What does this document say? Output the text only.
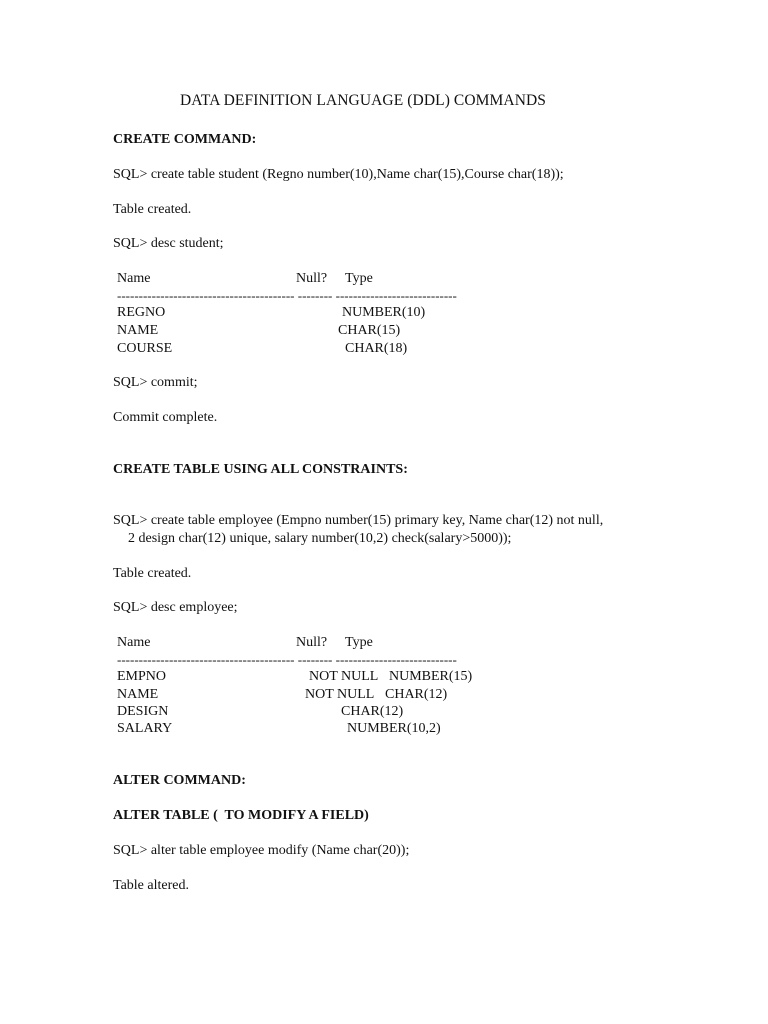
DATA DEFINITION LANGUAGE (DDL) COMMANDS
CREATE COMMAND:
SQL> create table student (Regno number(10),Name char(15),Course char(18));
Table created.
SQL> desc student;
Name	Null? Type
----------------------------------------- -------- ----------------------------
REGNO	NUMBER(10)
NAME	CHAR(15)
COURSE	CHAR(18)
SQL> commit;
Commit complete.
CREATE TABLE USING ALL CONSTRAINTS:
SQL> create table employee (Empno number(15) primary key, Name char(12) not null,
2 design char(12) unique, salary number(10,2) check(salary>5000));
Table created.
SQL> desc employee;
Name	Null? Type
----------------------------------------- -------- ----------------------------
EMPNO	NOT NULL NUMBER(15)
NAME	NOT NULL CHAR(12)
DESIGN	CHAR(12)
SALARY	NUMBER(10,2)
ALTER COMMAND:
ALTER TABLE (  TO MODIFY A FIELD)
SQL> alter table employee modify (Name char(20));
Table altered.
